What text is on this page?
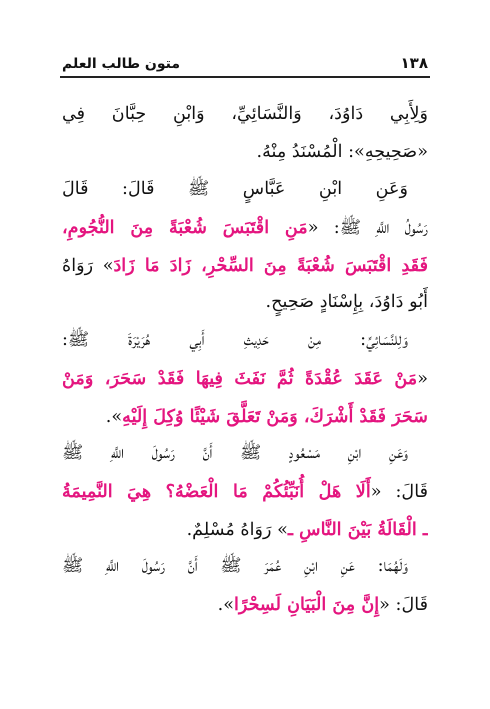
١٣٨
متون طالب العلم
وَلِأَبِي دَاوُدَ، وَالنَّسَائِيِّ، وَابْنِ حِبَّانَ فِي
«صَحِيحِهِ»: الْمُسْنَدُ مِنْهُ.
وَعَنِ ابْنِ عَبَّاسٍ ﷺ قَالَ: قَالَ
رَسُولُ اللَّهِ ﷺ: «مَنِ اقْتَبَسَ شُعْبَةً مِنَ النُّجُومِ،
فَقَدِ اقْتَبَسَ شُعْبَةً مِنَ السِّحْرِ، زَادَ مَا زَادَ» رَوَاهُ
أَبُو دَاوُدَ، بِإِسْنَادٍ صَحِيحٍ.
وَلِلنَّسَائِيِّ: مِنْ حَدِيثِ أَبِي هُرَيْرَةَ ﷺ:
«مَنْ عَقَدَ عُقْدَةً ثُمَّ نَفَثَ فِيهَا فَقَدْ سَحَرَ، وَمَنْ
سَحَرَ فَقَدْ أَشْرَكَ، وَمَنْ تَعَلَّقَ شَيْئًا وُكِلَ إِلَيْهِ».
وَعَنِ ابْنِ مَسْعُودٍ ﷺ أَنَّ رَسُولَ اللَّهِ ﷺ
قَالَ: «أَلَا هَلْ أُنَبِّئُكُمْ مَا الْعَضْهُ؟ هِيَ النَّمِيمَةُ
ـ الْقَالَةُ بَيْنَ النَّاسِ ـ» رَوَاهُ مُسْلِمٌ.
وَلَهُمَا: عَنِ ابْنِ عُمَرَ ﷺ أَنَّ رَسُولَ اللَّهِ ﷺ
قَالَ: «إِنَّ مِنَ الْبَيَانِ لَسِحْرًا».
